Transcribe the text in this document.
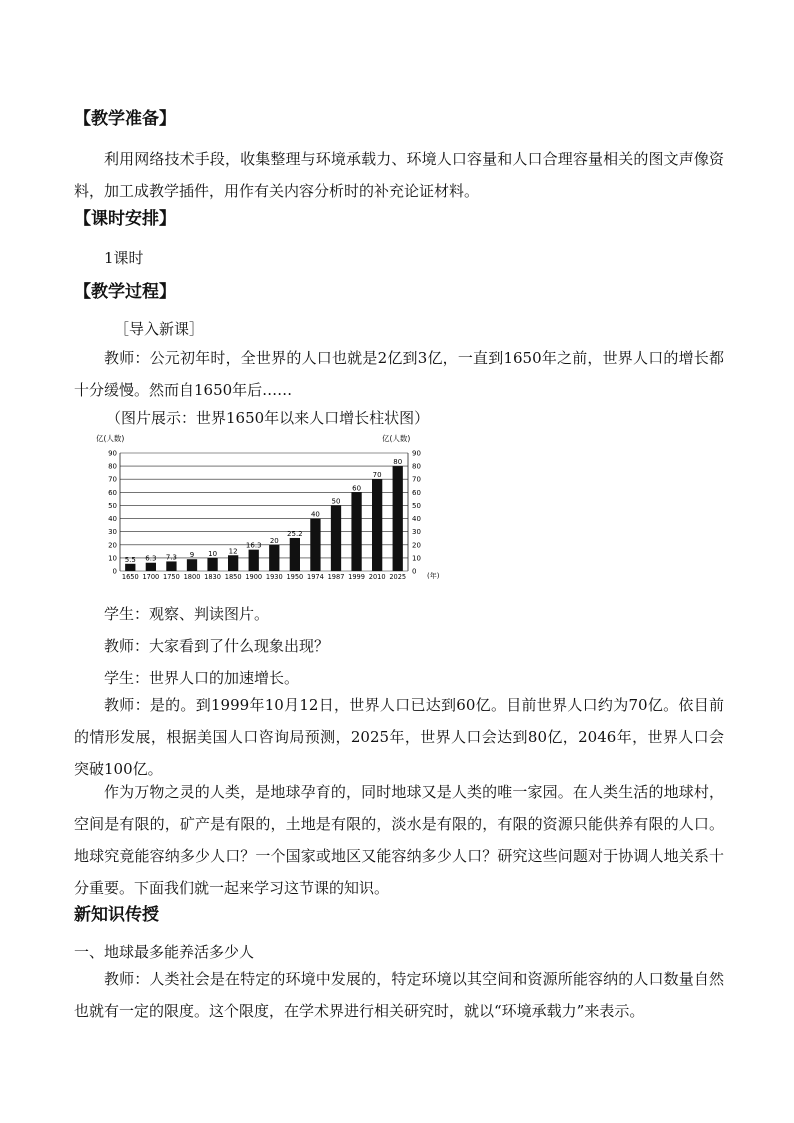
【教学准备】
利用网络技术手段，收集整理与环境承载力、环境人口容量和人口合理容量相关的图文声像资料，加工成教学插件，用作有关内容分析时的补充论证材料。
【课时安排】
1课时
【教学过程】
［导入新课］
教师：公元初年时，全世界的人口也就是2亿到3亿，一直到1650年之前，世界人口的增长都十分缓慢。然而自1650年后……
（图片展示：世界1650年以来人口增长柱状图）
0	0
10	10
20	20
30	30
40	40
50	50
60	60
70	70
80	80
90	90
5.5
1650
6.3
1700
7.3
1750
9
1800
10
1830
12
1850
16.3
1900
20
1930
25.2
1950
40
1974
50
1987
60
1999
70
2010
80
2025
亿(人数)	亿(人数)
(年)
学生：观察、判读图片。
教师：大家看到了什么现象出现？
学生：世界人口的加速增长。
教师：是的。到1999年10月12日，世界人口已达到60亿。目前世界人口约为70亿。依目前的情形发展，根据美国人口咨询局预测，2025年，世界人口会达到80亿，2046年，世界人口会突破100亿。
作为万物之灵的人类，是地球孕育的，同时地球又是人类的唯一家园。在人类生活的地球村，空间是有限的，矿产是有限的，土地是有限的，淡水是有限的，有限的资源只能供养有限的人口。地球究竟能容纳多少人口？一个国家或地区又能容纳多少人口？研究这些问题对于协调人地关系十分重要。下面我们就一起来学习这节课的知识。
新知识传授
一、地球最多能养活多少人
教师：人类社会是在特定的环境中发展的，特定环境以其空间和资源所能容纳的人口数量自然也就有一定的限度。这个限度，在学术界进行相关研究时，就以“环境承载力”来表示。
